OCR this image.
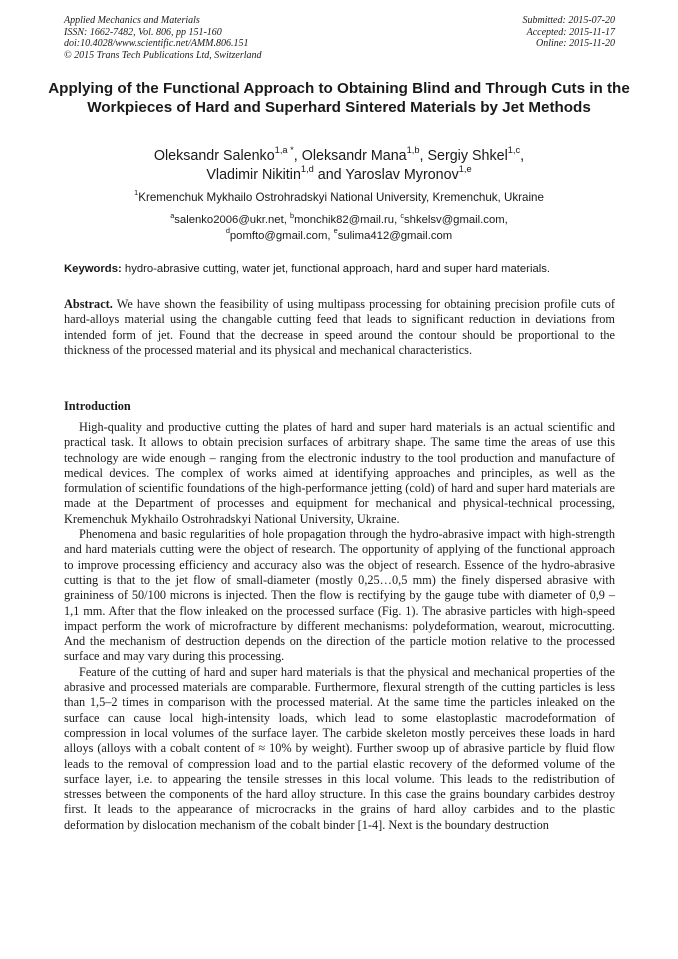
Applied Mechanics and Materials
ISSN: 1662-7482, Vol. 806, pp 151-160
doi:10.4028/www.scientific.net/AMM.806.151
© 2015 Trans Tech Publications Ltd, Switzerland
Submitted: 2015-07-20
Accepted: 2015-11-17
Online: 2015-11-20
Applying of the Functional Approach to Obtaining Blind and Through Cuts in the Workpieces of Hard and Superhard Sintered Materials by Jet Methods
Oleksandr Salenko$^{1,a *}$, Oleksandr Mana$^{1,b}$, Sergiy Shkel$^{1,c}$,
Vladimir Nikitin$^{1,d}$ and Yaroslav Myronov$^{1,e}$
$^1$Kremenchuk Mykhailo Ostrohradskyi National University, Kremenchuk, Ukraine
$^a$salenko2006@ukr.net, $^b$monchik82@mail.ru, $^c$shkelsv@gmail.com,
$^d$pomfto@gmail.com, $^e$sulima412@gmail.com
Keywords: hydro-abrasive cutting, water jet, functional approach, hard and super hard materials.

Abstract. We have shown the feasibility of using multipass processing for obtaining precision profile cuts of hard-alloys material using the changable cutting feed that leads to significant reduction in deviations from intended form of jet. Found that the decrease in speed around the contour should be proportional to the thickness of the processed material and its physical and mechanical characteristics.

Introduction

High-quality and productive cutting the plates of hard and super hard materials is an actual scientific and practical task. It allows to obtain precision surfaces of arbitrary shape. The same time the areas of use this technology are wide enough – ranging from the electronic industry to the tool production and manufacture of medical devices. The complex of works aimed at identifying approaches and principles, as well as the formulation of scientific foundations of the high-performance jetting (cold) of hard and super hard materials are made at the Department of processes and equipment for mechanical and physical-technical processing, Kremenchuk Mykhailo Ostrohradskyi National University, Ukraine.

Phenomena and basic regularities of hole propagation through the hydro-abrasive impact with high-strength and hard materials cutting were the object of research. The opportunity of applying of the functional approach to improve processing efficiency and accuracy also was the object of research. Essence of the hydro-abrasive cutting is that to the jet flow of small-diameter (mostly 0,25…0,5 mm) the finely dispersed abrasive with graininess of 50/100 microns is injected. Then the flow is rectifying by the gauge tube with diameter of 0,9 – 1,1 mm. After that the flow inleaked on the processed surface (Fig. 1). The abrasive particles with high-speed impact perform the work of microfracture by different mechanisms: polydeformation, wearout, microcutting. And the mechanism of destruction depends on the direction of the particle motion relative to the processed surface and may vary during this processing.

Feature of the cutting of hard and super hard materials is that the physical and mechanical properties of the abrasive and processed materials are comparable. Furthermore, flexural strength of the cutting particles is less than 1,5–2 times in comparison with the processed material. At the same time the particles inleaked on the surface can cause local high-intensity loads, which lead to some elastoplastic macrodeformation of compression in local volumes of the surface layer. The carbide skeleton mostly perceives these loads in hard alloys (alloys with a cobalt content of ≈ 10% by weight). Further swoop up of abrasive particle by fluid flow leads to the removal of compression load and to the partial elastic recovery of the deformed volume of the surface layer, i.e. to appearing the tensile stresses in this local volume. This leads to the redistribution of stresses between the components of the hard alloy structure. In this case the grains boundary carbides destroy first. It leads to the appearance of microcracks in the grains of hard alloy carbides and to the plastic deformation by dislocation mechanism of the cobalt binder [1-4]. Next is the boundary destruction
